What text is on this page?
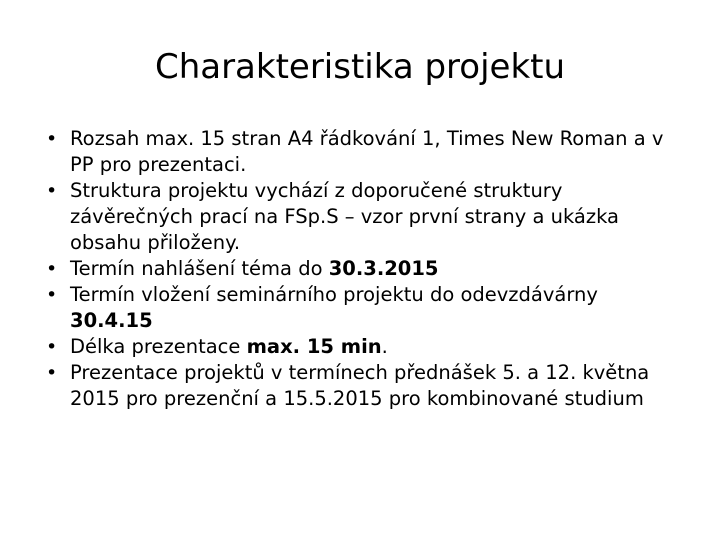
Charakteristika projektu
• Rozsah max. 15 stran A4 řádkování 1, Times New Roman a v PP pro prezentaci.
• Struktura projektu vychází z doporučené struktury závěrečných prací na FSp.S – vzor první strany a ukázka obsahu přiloženy.
• Termín nahlášení téma do 30.3.2015
• Termín vložení seminárního projektu do odevzdávárny 30.4.15
• Délka prezentace max. 15 min.
• Prezentace projektů v termínech přednášek 5. a 12. května 2015 pro prezenční a 15.5.2015 pro kombinované studium
